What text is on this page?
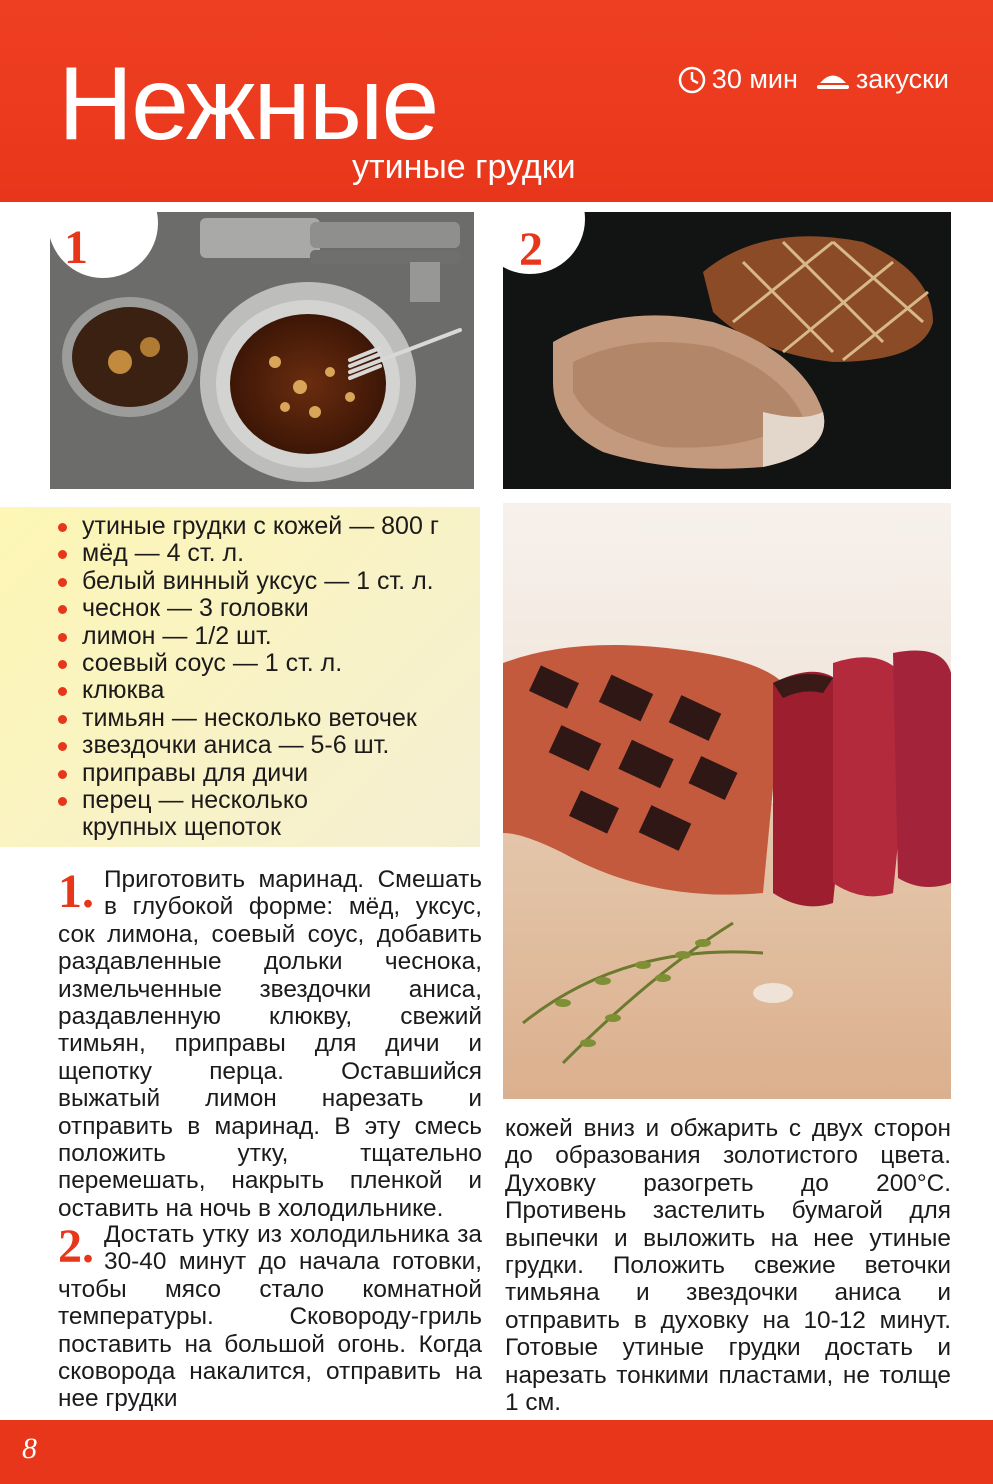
Нежные
утиные грудки
30 мин закуски
1	2
утиные грудки с кожей — 800 г
мёд — 4 ст. л.
белый винный уксус — 1 ст. л.
чеснок — 3 головки
лимон — 1/2 шт.
соевый соус — 1 ст. л.
клюква
тимьян — несколько веточек
звездочки аниса — 5-6 шт.
приправы для дичи
перец — несколько крупных щепоток
1. Приготовить маринад. Смешать в глубокой форме: мёд, уксус, сок лимона, соевый соус, добавить раздавленные дольки чеснока, измельченные звездочки аниса, раздавленную клюкву, свежий тимьян, приправы для дичи и щепотку перца. Оставшийся выжатый лимон нарезать и отправить в маринад. В эту смесь положить утку, тщательно перемешать, накрыть пленкой и оставить на ночь в холодильнике.
2. Достать утку из холодильника за 30-40 минут до начала готовки, чтобы мясо стало комнатной температуры. Сковороду-гриль поставить на большой огонь. Когда сковорода накалится, отправить на нее грудки
кожей вниз и обжарить с двух сторон до образования золотистого цвета. Духовку разогреть до 200°С. Противень застелить бумагой для выпечки и выложить на нее утиные грудки. Положить свежие веточки тимьяна и звездочки аниса и отправить в духовку на 10-12 минут. Готовые утиные грудки достать и нарезать тонкими пластами, не толще 1 см.
8
